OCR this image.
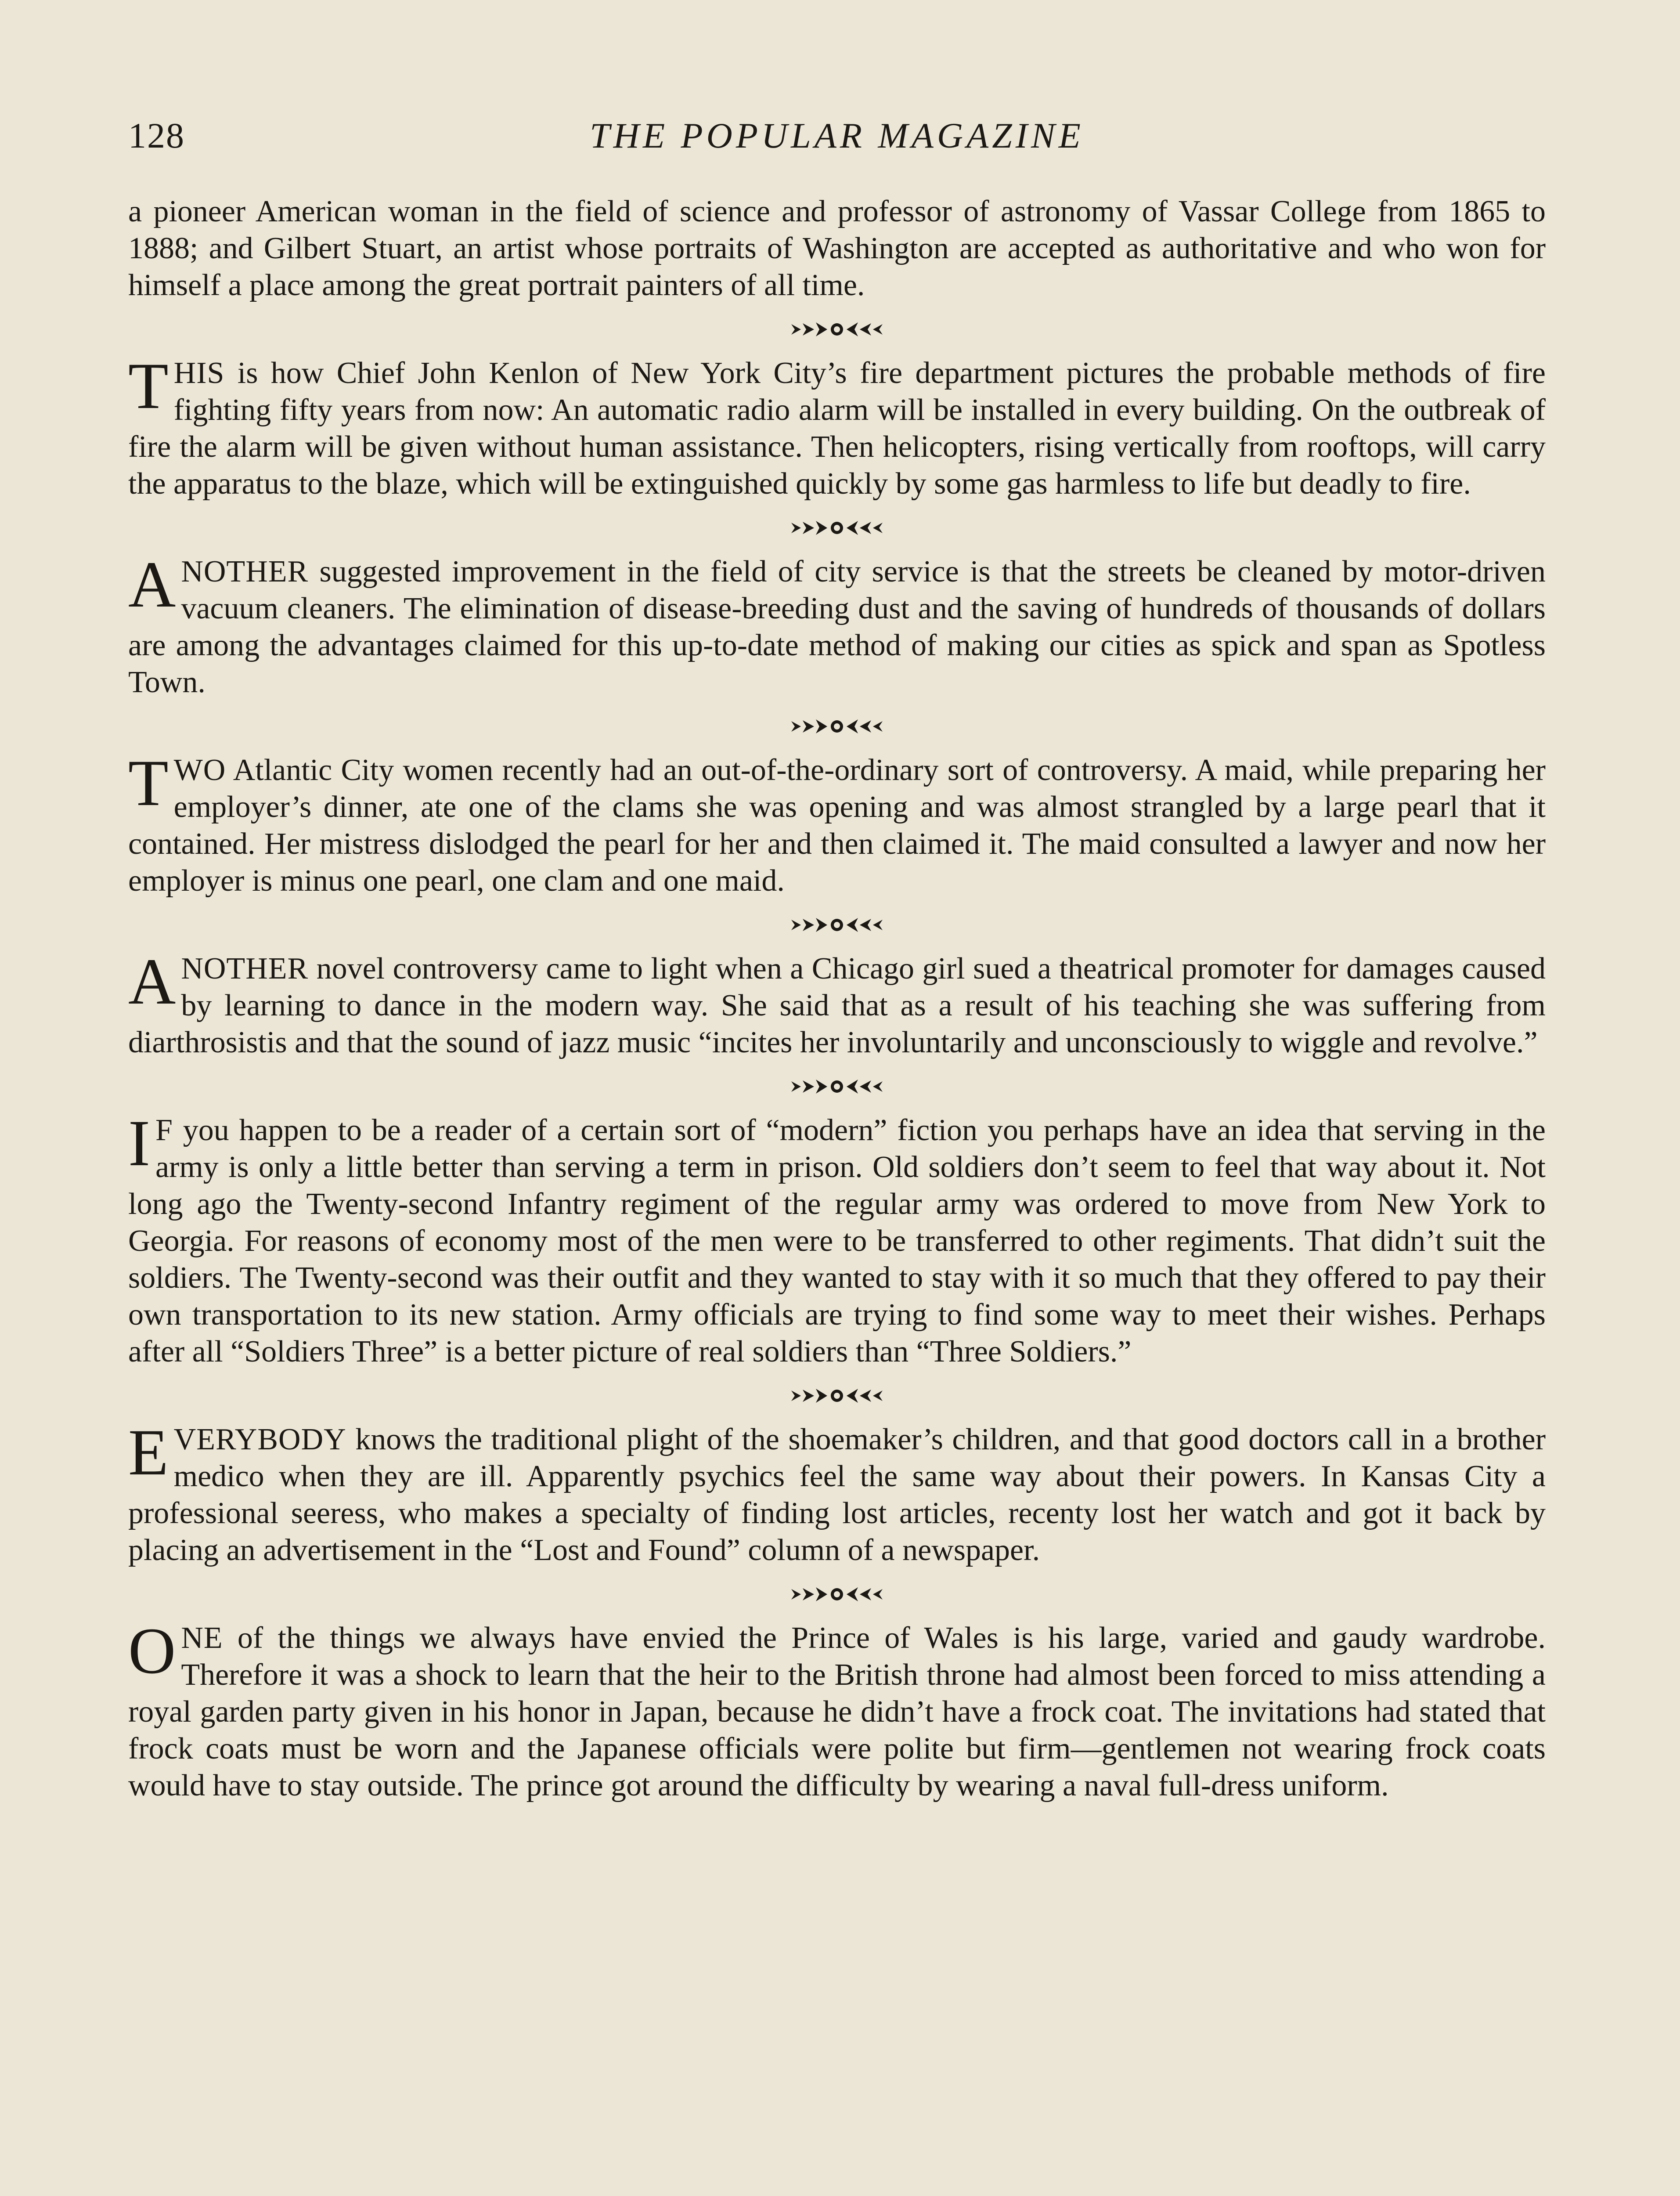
128	THE POPULAR MAGAZINE

a pioneer American woman in the field of science and professor of astronomy of Vassar College from 1865 to 1888; and Gilbert Stuart, an artist whose portraits of Washington are accepted as authoritative and who won for himself a place among the great portrait painters of all time.

THIS is how Chief John Kenlon of New York City’s fire department pictures the probable methods of fire fighting fifty years from now: An automatic radio alarm will be installed in every building. On the outbreak of fire the alarm will be given without human assistance. Then helicopters, rising vertically from rooftops, will carry the apparatus to the blaze, which will be extinguished quickly by some gas harmless to life but deadly to fire.

ANOTHER suggested improvement in the field of city service is that the streets be cleaned by motor-driven vacuum cleaners. The elimination of disease-breeding dust and the saving of hundreds of thousands of dollars are among the advantages claimed for this up-to-date method of making our cities as spick and span as Spotless Town.

TWO Atlantic City women recently had an out-of-the-ordinary sort of controversy. A maid, while preparing her employer’s dinner, ate one of the clams she was opening and was almost strangled by a large pearl that it contained. Her mistress dislodged the pearl for her and then claimed it. The maid consulted a lawyer and now her employer is minus one pearl, one clam and one maid.

ANOTHER novel controversy came to light when a Chicago girl sued a theatrical promoter for damages caused by learning to dance in the modern way. She said that as a result of his teaching she was suffering from diarthrosistis and that the sound of jazz music “incites her involuntarily and unconsciously to wiggle and revolve.”

I F you happen to be a reader of a certain sort of “modern” fiction you perhaps have an idea that serving in the army is only a little better than serving a term in prison. Old soldiers don’t seem to feel that way about it. Not long ago the Twenty-second Infantry regiment of the regular army was ordered to move from New York to Georgia. For reasons of economy most of the men were to be transferred to other regiments. That didn’t suit the soldiers. The Twenty-second was their outfit and they wanted to stay with it so much that they offered to pay their own transportation to its new station. Army officials are trying to find some way to meet their wishes. Perhaps after all “Soldiers Three” is a better picture of real soldiers than “Three Soldiers.”

EVERYBODY knows the traditional plight of the shoemaker’s children, and that good doctors call in a brother medico when they are ill. Apparently psychics feel the same way about their powers. In Kansas City a professional seeress, who makes a specialty of finding lost articles, recenty lost her watch and got it back by placing an advertisement in the “Lost and Found” column of a newspaper.

ONE of the things we always have envied the Prince of Wales is his large, varied and gaudy wardrobe. Therefore it was a shock to learn that the heir to the British throne had almost been forced to miss attending a royal garden party given in his honor in Japan, because he didn’t have a frock coat. The invitations had stated that frock coats must be worn and the Japanese officials were polite but firm—gentlemen not wearing frock coats would have to stay outside. The prince got around the difficulty by wearing a naval full-dress uniform.
